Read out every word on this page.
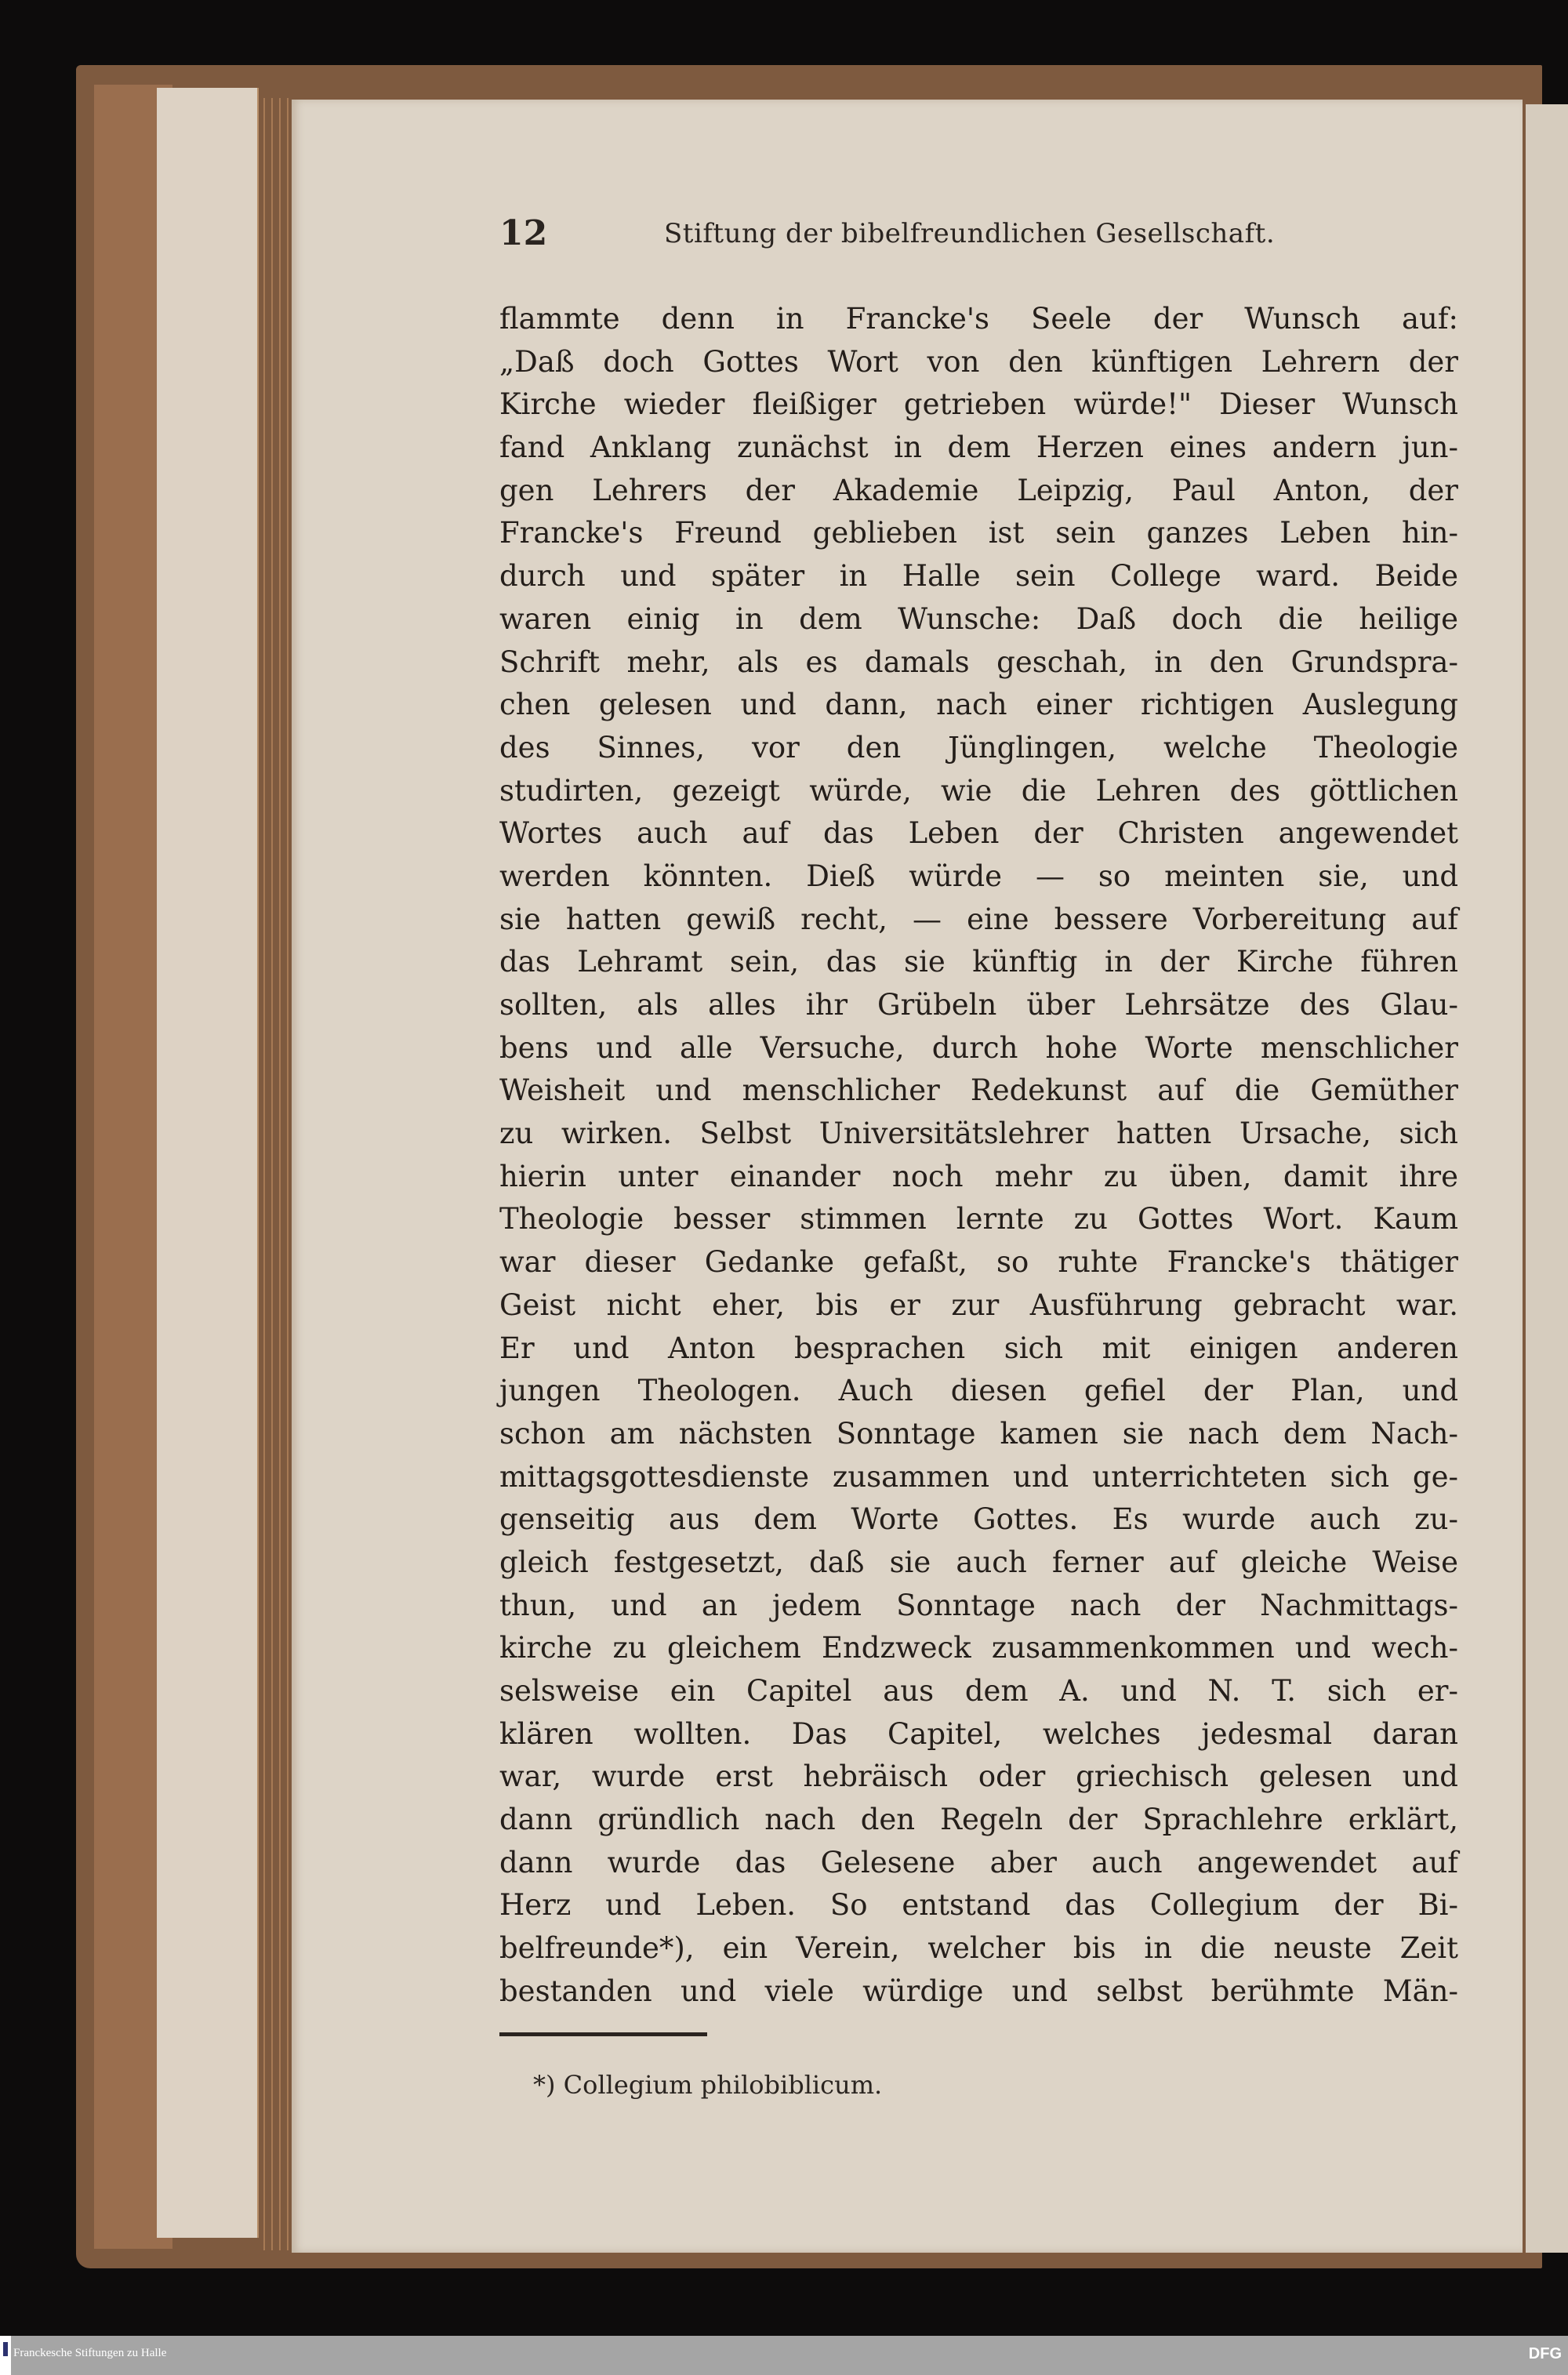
12	Stiftung der bibelfreundlichen Gesellschaft.
flammte denn in Francke's Seele der Wunsch auf:
„Daß doch Gottes Wort von den künftigen Lehrern der
Kirche wieder fleißiger getrieben würde!" Dieser Wunsch
fand Anklang zunächst in dem Herzen eines andern jun-
gen Lehrers der Akademie Leipzig, Paul Anton, der
Francke's Freund geblieben ist sein ganzes Leben hin-
durch und später in Halle sein College ward. Beide
waren einig in dem Wunsche: Daß doch die heilige
Schrift mehr, als es damals geschah, in den Grundspra-
chen gelesen und dann, nach einer richtigen Auslegung
des Sinnes, vor den Jünglingen, welche Theologie
studirten, gezeigt würde, wie die Lehren des göttlichen
Wortes auch auf das Leben der Christen angewendet
werden könnten. Dieß würde — so meinten sie, und
sie hatten gewiß recht, — eine bessere Vorbereitung auf
das Lehramt sein, das sie künftig in der Kirche führen
sollten, als alles ihr Grübeln über Lehrsätze des Glau-
bens und alle Versuche, durch hohe Worte menschlicher
Weisheit und menschlicher Redekunst auf die Gemüther
zu wirken. Selbst Universitätslehrer hatten Ursache, sich
hierin unter einander noch mehr zu üben, damit ihre
Theologie besser stimmen lernte zu Gottes Wort. Kaum
war dieser Gedanke gefaßt, so ruhte Francke's thätiger
Geist nicht eher, bis er zur Ausführung gebracht war.
Er und Anton besprachen sich mit einigen anderen
jungen Theologen. Auch diesen gefiel der Plan, und
schon am nächsten Sonntage kamen sie nach dem Nach-
mittagsgottesdienste zusammen und unterrichteten sich ge-
genseitig aus dem Worte Gottes. Es wurde auch zu-
gleich festgesetzt, daß sie auch ferner auf gleiche Weise
thun, und an jedem Sonntage nach der Nachmittags-
kirche zu gleichem Endzweck zusammenkommen und wech-
selsweise ein Capitel aus dem A. und N. T. sich er-
klären wollten. Das Capitel, welches jedesmal daran
war, wurde erst hebräisch oder griechisch gelesen und
dann gründlich nach den Regeln der Sprachlehre erklärt,
dann wurde das Gelesene aber auch angewendet auf
Herz und Leben. So entstand das Collegium der Bi-
belfreunde*), ein Verein, welcher bis in die neuste Zeit
bestanden und viele würdige und selbst berühmte Män-
*) Collegium philobiblicum.
Franckesche Stiftungen zu Halle	DFG
